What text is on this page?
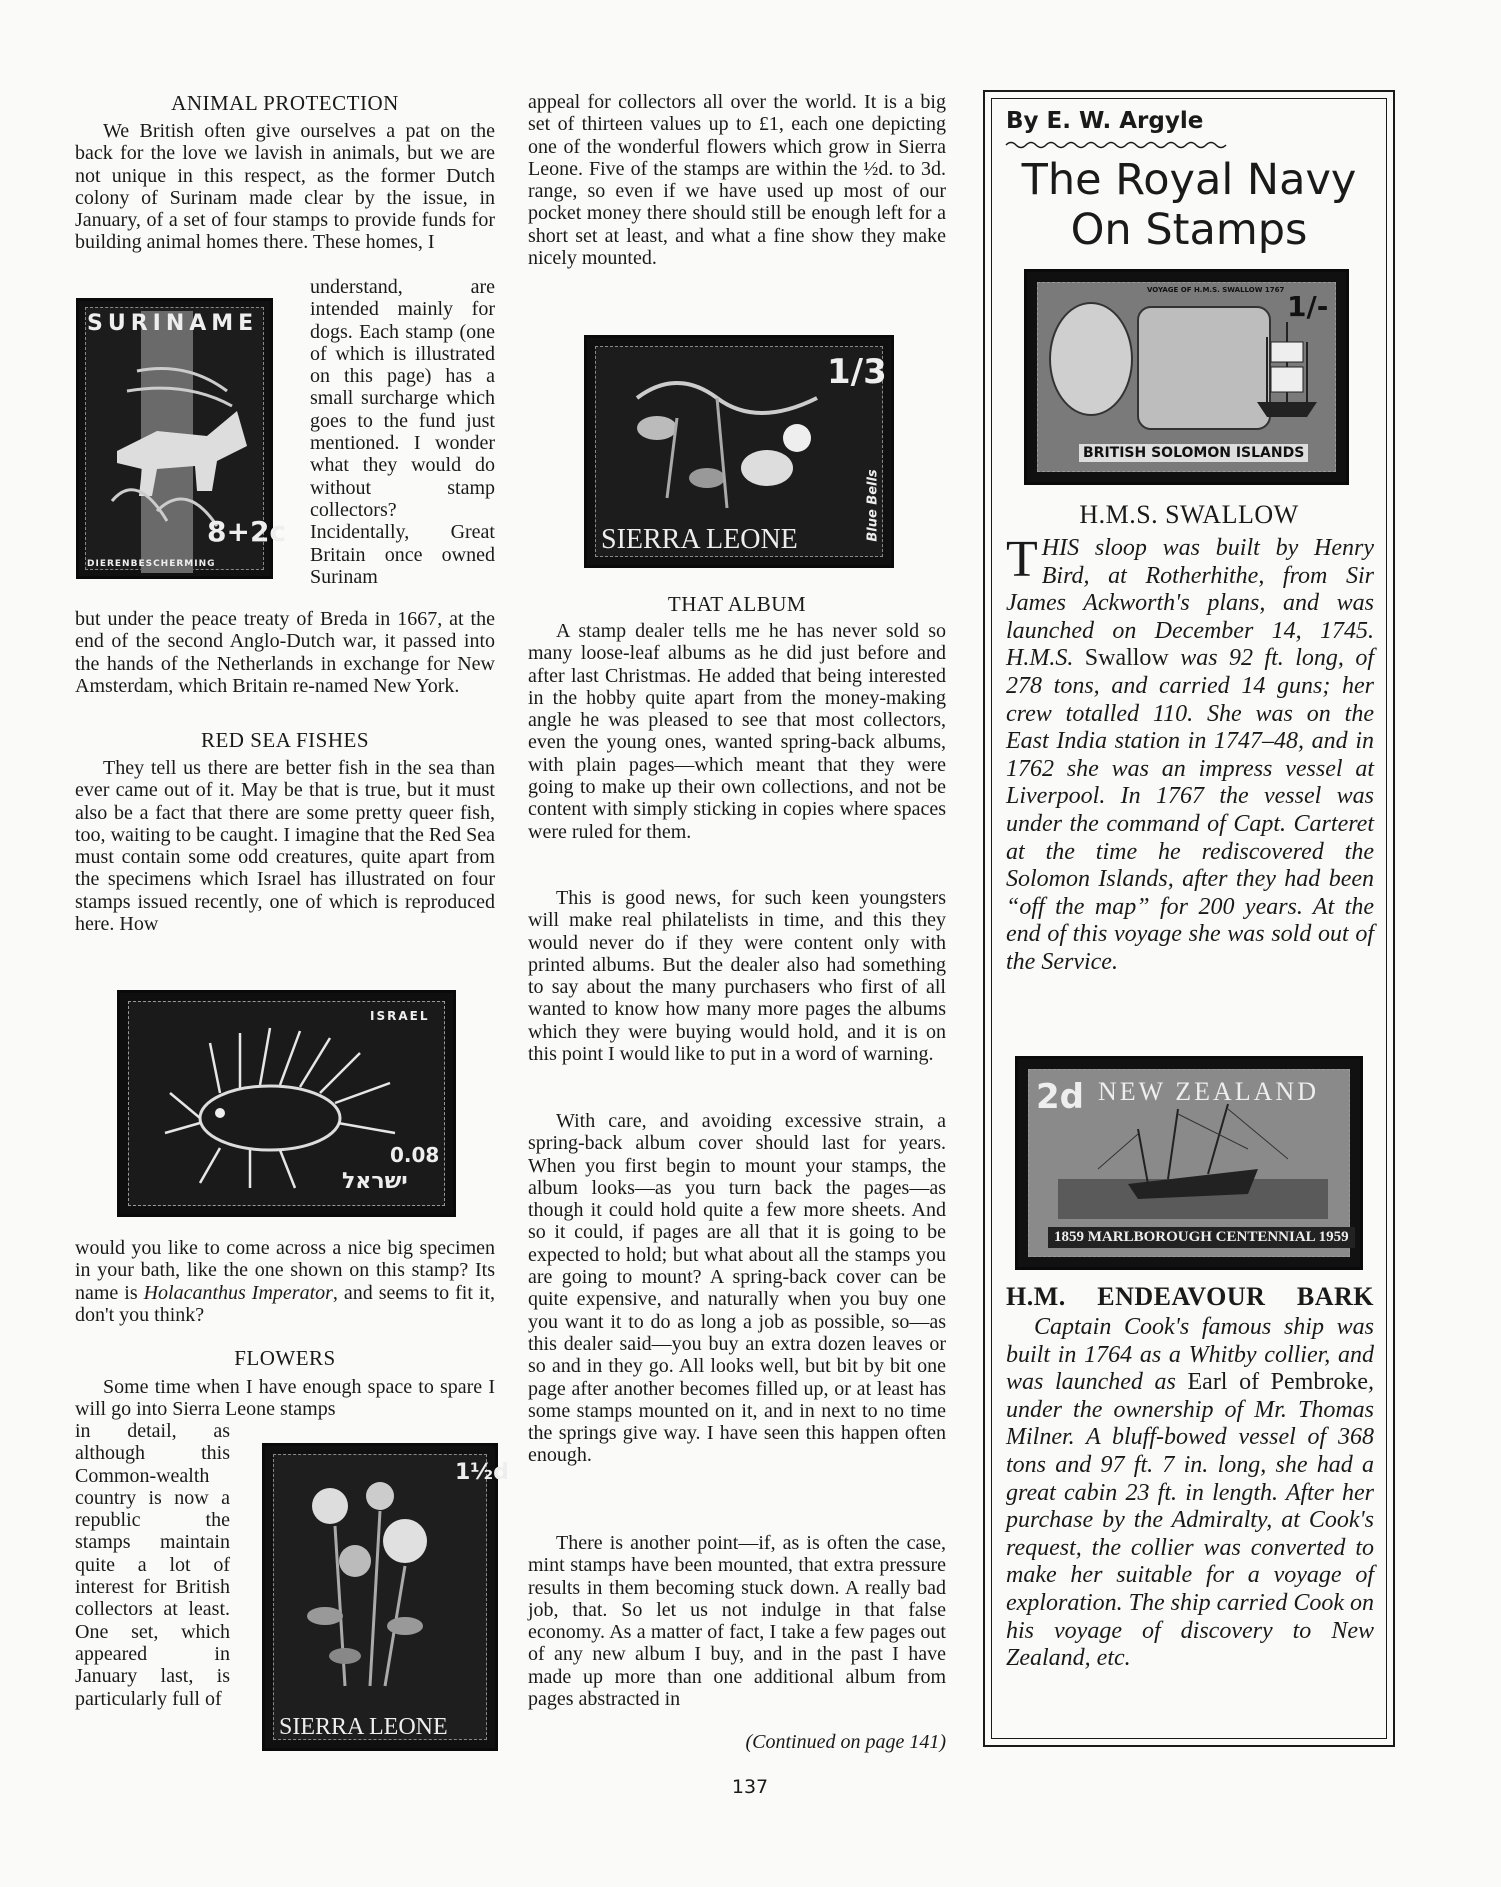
ANIMAL PROTECTION

We British often give ourselves a pat on the back for the love we lavish in animals, but we are not unique in this respect, as the former Dutch colony of Surinam made clear by the issue, in January, of a set of four stamps to provide funds for building animal homes there. These homes, I

SURINAME
8+2c
DIERENBESCHERMING

understand, are intended mainly for dogs. Each stamp (one of which is illustrated on this page) has a small surcharge which goes to the fund just mentioned. I wonder what they would do without stamp collectors? Incidentally, Great Britain once owned Surinam

but under the peace treaty of Breda in 1667, at the end of the second Anglo-Dutch war, it passed into the hands of the Netherlands in exchange for New Amsterdam, which Britain re-named New York.

RED SEA FISHES

They tell us there are better fish in the sea than ever came out of it. May be that is true, but it must also be a fact that there are some pretty queer fish, too, waiting to be caught. I imagine that the Red Sea must contain some odd creatures, quite apart from the specimens which Israel has illustrated on four stamps issued recently, one of which is reproduced here. How

ISRAEL
0.08
ישראל

would you like to come across a nice big specimen in your bath, like the one shown on this stamp? Its name is Holacanthus Imperator, and seems to fit it, don't you think?

FLOWERS

Some time when I have enough space to spare I will go into Sierra Leone stamps

in detail, as although this Common-wealth country is now a republic the stamps maintain quite a lot of interest for British collectors at least. One set, which appeared in January last, is particularly full of

1½d
SIERRA LEONE

appeal for collectors all over the world. It is a big set of thirteen values up to £1, each one depicting one of the wonderful flowers which grow in Sierra Leone. Five of the stamps are within the ½d. to 3d. range, so even if we have used up most of our pocket money there should still be enough left for a short set at least, and what a fine show they make nicely mounted.

1/3
SIERRA LEONE	Blue Bells
THAT ALBUM

A stamp dealer tells me he has never sold so many loose-leaf albums as he did just before and after last Christmas. He added that being interested in the hobby quite apart from the money-making angle he was pleased to see that most collectors, even the young ones, wanted spring-back albums, with plain pages—which meant that they were going to make up their own collections, and not be content with simply sticking in copies where spaces were ruled for them.

This is good news, for such keen youngsters will make real philatelists in time, and this they would never do if they were content only with printed albums. But the dealer also had something to say about the many purchasers who first of all wanted to know how many more pages the albums which they were buying would hold, and it is on this point I would like to put in a word of warning.

With care, and avoiding excessive strain, a spring-back album cover should last for years. When you first begin to mount your stamps, the album looks—as you turn back the pages—as though it could hold quite a few more sheets. And so it could, if pages are all that it is going to be expected to hold; but what about all the stamps you are going to mount? A spring-back cover can be quite expensive, and naturally when you buy one you want it to do as long a job as possible, so—as this dealer said—you buy an extra dozen leaves or so and in they go. All looks well, but bit by bit one page after another becomes filled up, or at least has some stamps mounted on it, and in next to no time the springs give way. I have seen this happen often enough.

There is another point—if, as is often the case, mint stamps have been mounted, that extra pressure results in them becoming stuck down. A really bad job, that. So let us not indulge in that false economy. As a matter of fact, I take a few pages out of any new album I buy, and in the past I have made up more than one additional album from pages abstracted in

(Continued on page 141)
137
By E. W. Argyle
The Royal Navy
On Stamps
1/-
VOYAGE OF H.M.S. SWALLOW 1767
BRITISH SOLOMON ISLANDS
H.M.S. SWALLOW
THIS sloop was built by Henry Bird, at Rotherhithe, from Sir James Ackworth's plans, and was launched on December 14, 1745. H.M.S. Swallow was 92 ft. long, of 278 tons, and carried 14 guns; her crew totalled 110. She was on the East India station in 1747–48, and in 1762 she was an impress vessel at Liverpool. In 1767 the vessel was under the command of Capt. Carteret at the time he rediscovered the Solomon Islands, after they had been “off the map” for 200 years. At the end of this voyage she was sold out of the Service.
2d NEW ZEALAND
1859 MARLBOROUGH CENTENNIAL 1959
H.M. ENDEAVOUR BARK
Captain Cook's famous ship was built in 1764 as a Whitby collier, and was launched as Earl of Pembroke, under the ownership of Mr. Thomas Milner. A bluff-bowed vessel of 368 tons and 97 ft. 7 in. long, she had a great cabin 23 ft. in length. After her purchase by the Admiralty, at Cook's request, the collier was converted to make her suitable for a voyage of exploration. The ship carried Cook on his voyage of discovery to New Zealand, etc.
